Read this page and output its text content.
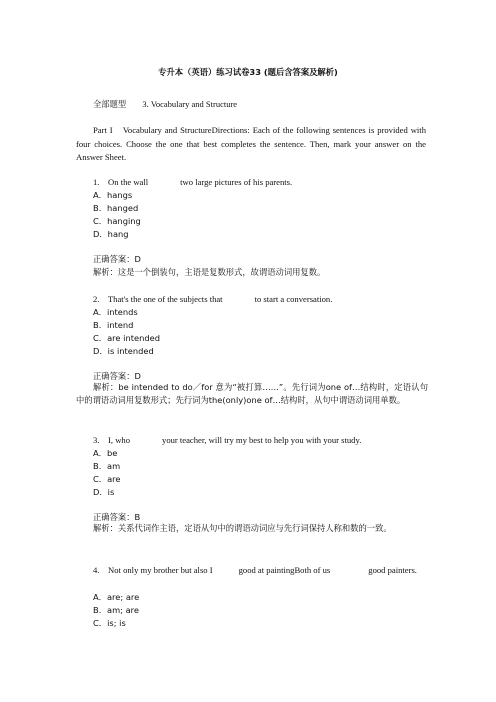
专升本（英语）练习试卷33 (题后含答案及解析)
全部题型 3. Vocabulary and Structure
Part I　Vocabulary and StructureDirections: Each of the following sentences is provided with four choices. Choose the one that best completes the sentence. Then, mark your answer on the Answer Sheet.
1. On the wall	two large pictures of his parents.
A．hangs
B．hanged
C．hanging
D．hang
正确答案：D
解析：这是一个倒装句，主语是复数形式，故谓语动词用复数。
2. That's the one of the subjects that	to start a conversation.
A．intends
B．intend
C．are intended
D．is intended
正确答案：D
解析：be intended to do／for 意为“被打算……”。先行词为one of…结构时，定语认句中的谓语动词用复数形式；先行词为the(only)one of…结构时，从句中谓语动词用单数。
3. I, who	your teacher, will try my best to help you with your study.
A．be
B．am
C．are
D．is
正确答案：B
解析：关系代词作主语，定语从句中的谓语动词应与先行词保持人称和数的一致。
4. Not only my brother but also I	good at paintingBoth of us	good painters.
A．are; are
B．am; are
C．is; is
